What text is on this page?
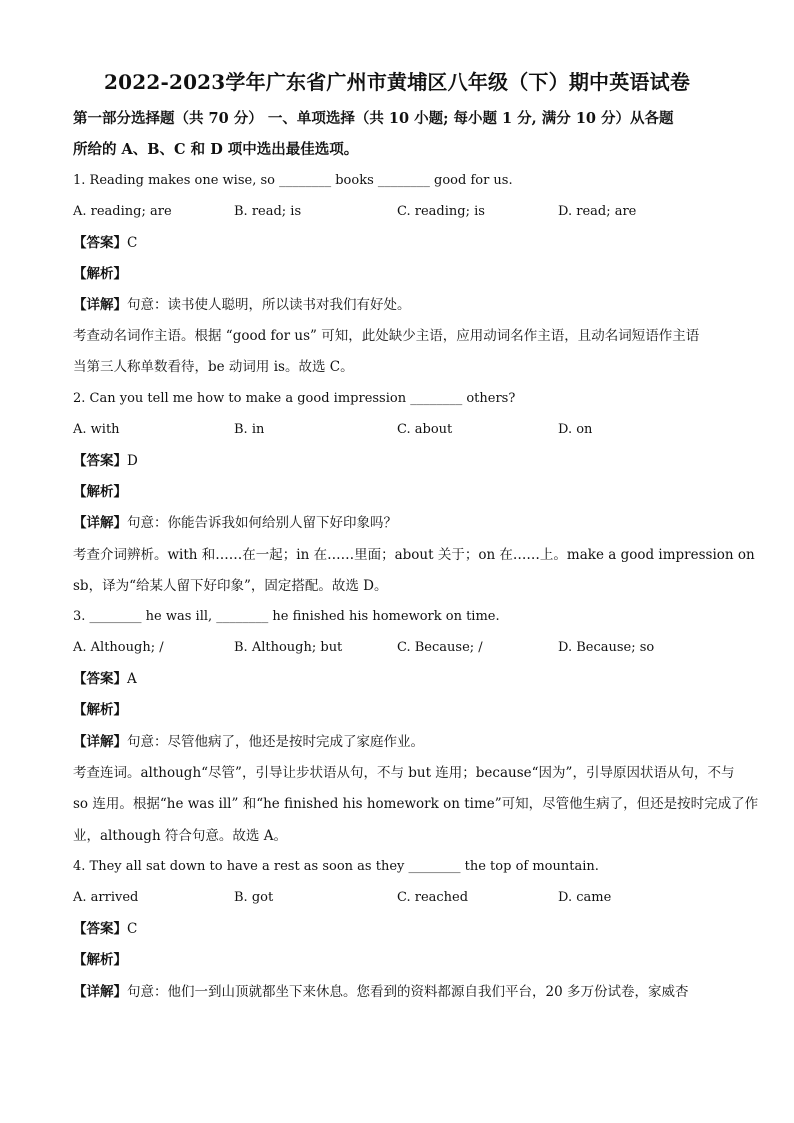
2022-2023学年广东省广州市黄埔区八年级（下）期中英语试卷
第一部分选择题（共 70 分） 一、单项选择（共 10 小题; 每小题 1 分, 满分 10 分）从各题
所给的 A、B、C 和 D 项中选出最佳选项。
1. Reading makes one wise, so ________ books ________ good for us.
A. reading; are	B. read; is	C. reading; is	D. read; are
【答案】C
【解析】
【详解】句意：读书使人聪明，所以读书对我们有好处。
考查动名词作主语。根据 “good for us” 可知，此处缺少主语，应用动词名作主语，且动名词短语作主语
当第三人称单数看待，be 动词用 is。故选 C。
2. Can you tell me how to make a good impression ________ others?
A. with	B. in	C. about	D. on
【答案】D
【解析】
【详解】句意：你能告诉我如何给别人留下好印象吗？
考查介词辨析。with 和……在一起；in 在……里面；about 关于；on 在……上。make a good impression on
sb，译为“给某人留下好印象”，固定搭配。故选 D。
3. ________ he was ill, ________ he finished his homework on time.
A. Although; /	B. Although; but	C. Because; /	D. Because; so
【答案】A
【解析】
【详解】句意：尽管他病了，他还是按时完成了家庭作业。
考查连词。although“尽管”，引导让步状语从句，不与 but 连用；because“因为”，引导原因状语从句，不与
so 连用。根据“he was ill” 和“he finished his homework on time”可知，尽管他生病了，但还是按时完成了作
业，although 符合句意。故选 A。
4. They all sat down to have a rest as soon as they ________ the top of mountain.
A. arrived	B. got	C. reached	D. came
【答案】C
【解析】
【详解】句意：他们一到山顶就都坐下来休息。您看到的资料都源自我们平台，20 多万份试卷，家威杏
